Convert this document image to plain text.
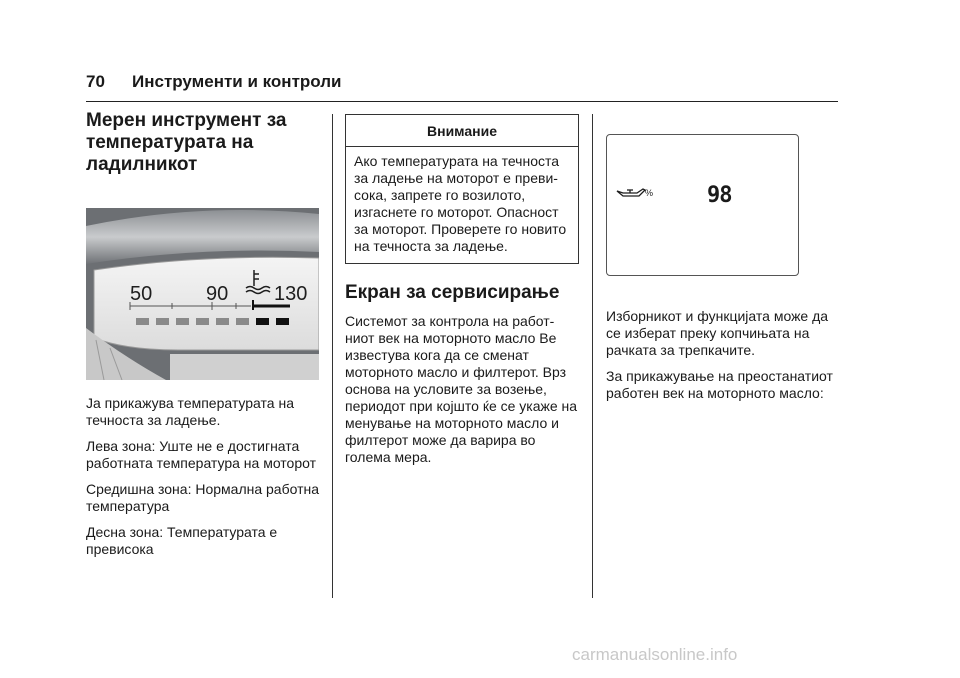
70 Инструменти и контроли
Мерен инструмент за температурата на ладилникот
50	90 130

Ја прикажува температурата на течноста за ладење.

Лева зона: Уште не е достигната работната температура на моторот

Средишна зона: Нормална работна температура

Десна зона: Температурата е превисока

Внимание
Ако температурата на течноста за ладење на моторот е преви-сока, запрете го возилото, изгаснете го моторот. Опасност за моторот. Проверете го новито на течноста за ладење.
Екран за сервисирање

Системот за контрола на работ-ниот век на моторното масло Ве известува кога да се сменат моторното масло и филтерот. Врз основа на условите за возење, периодот при којшто ќе се укаже на менување на моторното масло и филтерот може да варира во голема мера.

% 98

Изборникот и функцијата може да се изберат преку копчињата на рачката за трепкачите.

За прикажување на преостанатиот работен век на моторното масло:

carmanualsonline.info
